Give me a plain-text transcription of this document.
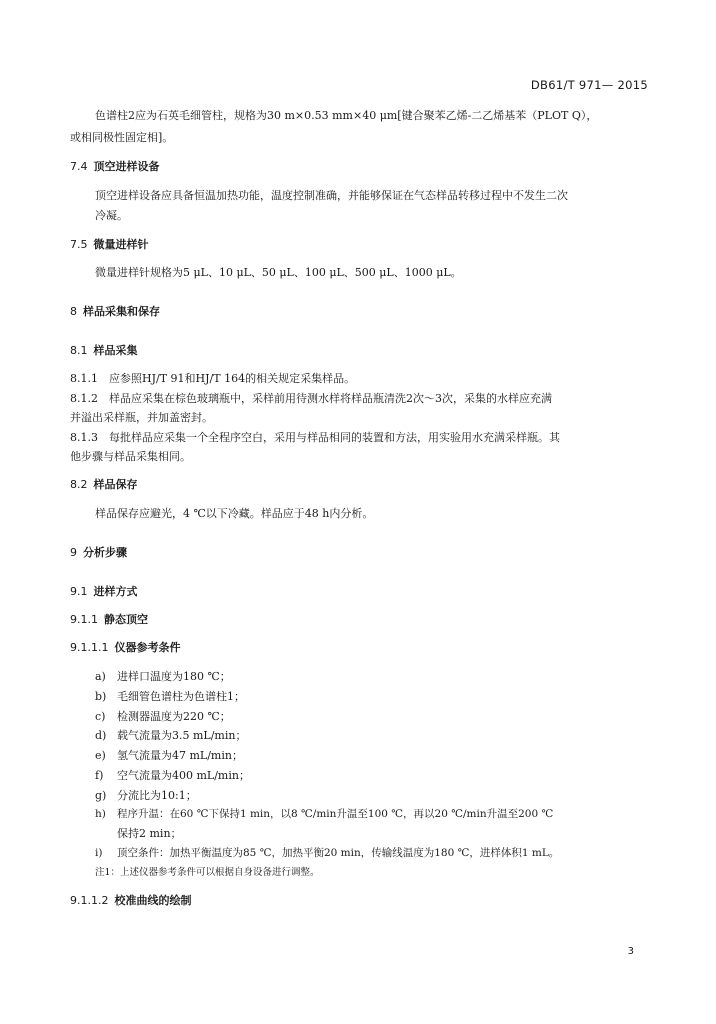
DB61/T 971— 2015
色谱柱2应为石英毛细管柱，规格为30 m×0.53 mm×40 μm[键合聚苯乙烯-二乙烯基苯（PLOT Q），
或相同极性固定相]。
7.4 顶空进样设备
顶空进样设备应具备恒温加热功能，温度控制准确，并能够保证在气态样品转移过程中不发生二次
冷凝。
7.5 微量进样针
微量进样针规格为5 μL、10 μL、50 μL、100 μL、500 μL、1000 μL。
8 样品采集和保存
8.1 样品采集
8.1.1　应参照HJ/T 91和HJ/T 164的相关规定采集样品。
8.1.2　样品应采集在棕色玻璃瓶中，采样前用待测水样将样品瓶清洗2次～3次，采集的水样应充满
并溢出采样瓶，并加盖密封。
8.1.3　每批样品应采集一个全程序空白，采用与样品相同的装置和方法，用实验用水充满采样瓶。其
他步骤与样品采集相同。
8.2 样品保存
样品保存应避光，4 ℃以下冷藏。样品应于48 h内分析。
9 分析步骤
9.1 进样方式
9.1.1 静态顶空
9.1.1.1 仪器参考条件
a) 进样口温度为180 ℃；
b) 毛细管色谱柱为色谱柱1；
c) 检测器温度为220 ℃；
d) 载气流量为3.5 mL/min；
e) 氢气流量为47 mL/min；
f) 空气流量为400 mL/min；
g) 分流比为10:1；
h) 程序升温：在60 ℃下保持1 min，以8 ℃/min升温至100 ℃，再以20 ℃/min升温至200 ℃
保持2 min；
i) 顶空条件：加热平衡温度为85 ℃，加热平衡20 min，传输线温度为180 ℃，进样体积1 mL。
注1：上述仪器参考条件可以根据自身设备进行调整。
9.1.1.2 校准曲线的绘制
3
